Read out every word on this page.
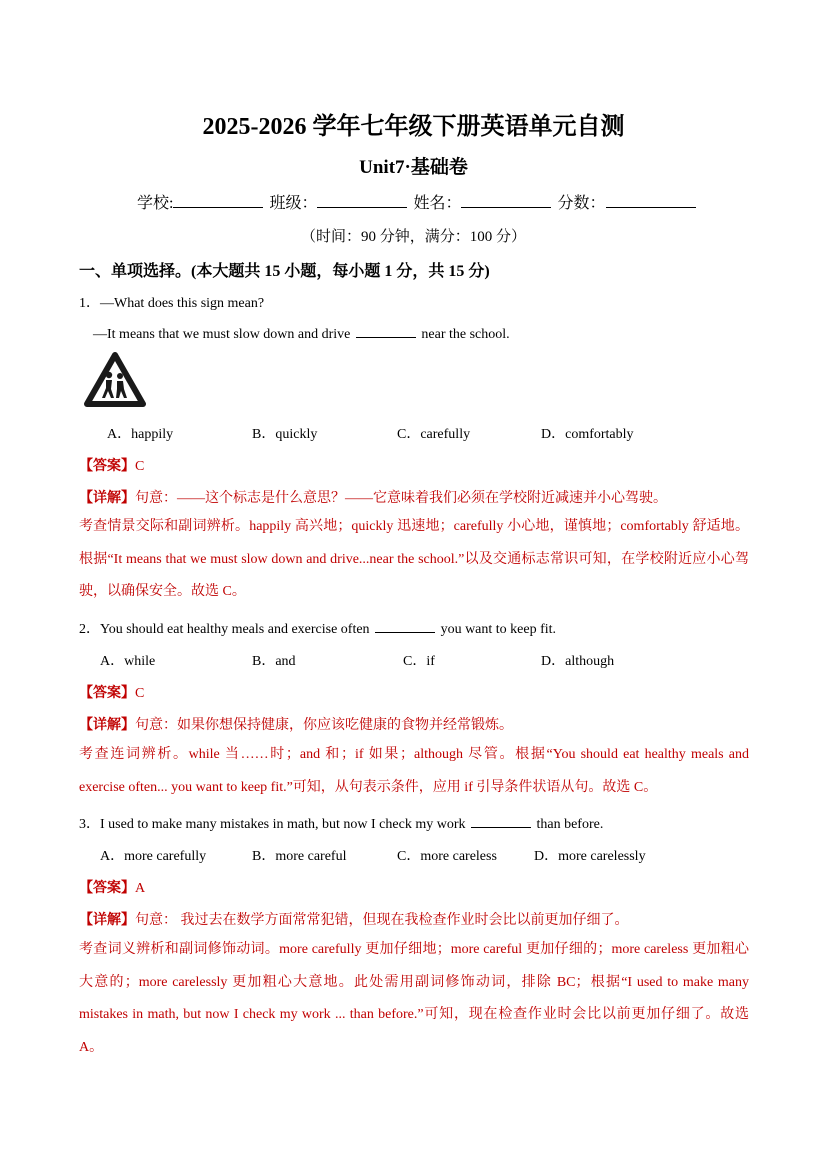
2025-2026 学年七年级下册英语单元自测
Unit7·基础卷
学校:	班级：	姓名：	分数：
（时间：90 分钟，满分：100 分）
一、单项选择。(本大题共 15 小题，每小题 1 分，共 15 分)
1．—What does this sign mean?
—It means that we must slow down and drive	near the school.
A．happily	B．quickly	C．carefully	D．comfortably
【答案】C
【详解】句意：——这个标志是什么意思？——它意味着我们必须在学校附近减速并小心驾驶。
考查情景交际和副词辨析。happily 高兴地；quickly 迅速地；carefully 小心地，谨慎地；comfortably 舒适地。根据“It means that we must slow down and drive...near the school.”以及交通标志常识可知，在学校附近应小心驾驶，以确保安全。故选 C。
2．You should eat healthy meals and exercise often	you want to keep fit.
A．while	B．and	C．if	D．although
【答案】C
【详解】句意：如果你想保持健康，你应该吃健康的食物并经常锻炼。
考查连词辨析。while 当……时；and 和；if 如果；although 尽管。根据“You should eat healthy meals and exercise often... you want to keep fit.”可知，从句表示条件，应用 if 引导条件状语从句。故选 C。
3．I used to make many mistakes in math, but now I check my work	than before.
A．more carefully	B．more careful	C．more careless	D．more carelessly
【答案】A
【详解】句意： 我过去在数学方面常常犯错，但现在我检查作业时会比以前更加仔细了。
考查词义辨析和副词修饰动词。more carefully 更加仔细地；more careful 更加仔细的；more careless 更加粗心大意的；more carelessly 更加粗心大意地。此处需用副词修饰动词，排除 BC；根据“I used to make many mistakes in math, but now I check my work ... than before.”可知，现在检查作业时会比以前更加仔细了。故选 A。
